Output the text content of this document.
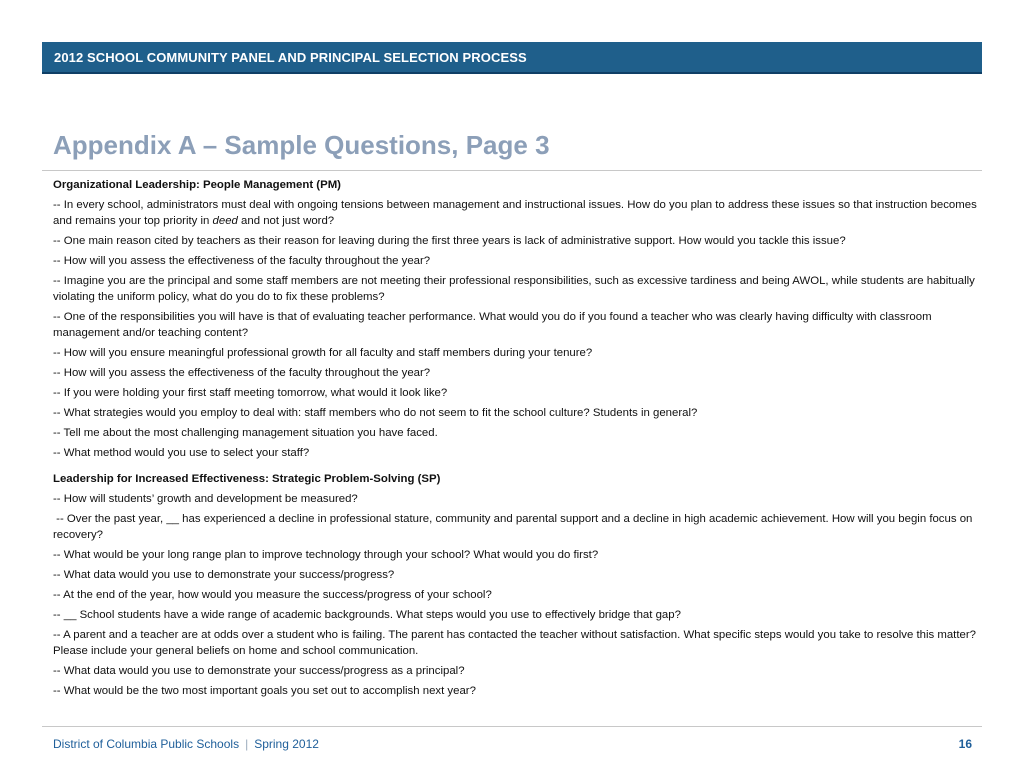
2012 SCHOOL COMMUNITY PANEL AND PRINCIPAL SELECTION PROCESS
Appendix A – Sample Questions, Page 3
Organizational Leadership: People Management (PM)
-- In every school, administrators must deal with ongoing tensions between management and instructional issues. How do you plan to address these issues so that instruction becomes and remains your top priority in deed and not just word?
-- One main reason cited by teachers as their reason for leaving during the first three years is lack of administrative support. How would you tackle this issue?
-- How will you assess the effectiveness of the faculty throughout the year?
-- Imagine you are the principal and some staff members are not meeting their professional responsibilities, such as excessive tardiness and being AWOL, while students are habitually violating the uniform policy, what do you do to fix these problems?
-- One of the responsibilities you will have is that of evaluating teacher performance. What would you do if you found a teacher who was clearly having difficulty with classroom management and/or teaching content?
-- How will you ensure meaningful professional growth for all faculty and staff members during your tenure?
-- How will you assess the effectiveness of the faculty throughout the year?
-- If you were holding your first staff meeting tomorrow, what would it look like?
-- What strategies would you employ to deal with: staff members who do not seem to fit the school culture? Students in general?
-- Tell me about the most challenging management situation you have faced.
-- What method would you use to select your staff?
Leadership for Increased Effectiveness: Strategic Problem-Solving (SP)
-- How will students’ growth and development be measured?
-- Over the past year, __ has experienced a decline in professional stature, community and parental support and a decline in high academic achievement. How will you begin focus on recovery?
-- What would be your long range plan to improve technology through your school? What would you do first?
-- What data would you use to demonstrate your success/progress?
-- At the end of the year, how would you measure the success/progress of your school?
-- __ School students have a wide range of academic backgrounds. What steps would you use to effectively bridge that gap?
-- A parent and a teacher are at odds over a student who is failing. The parent has contacted the teacher without satisfaction. What specific steps would you take to resolve this matter? Please include your general beliefs on home and school communication.
-- What data would you use to demonstrate your success/progress as a principal?
-- What would be the two most important goals you set out to accomplish next year?
District of Columbia Public Schools | Spring 2012	16
